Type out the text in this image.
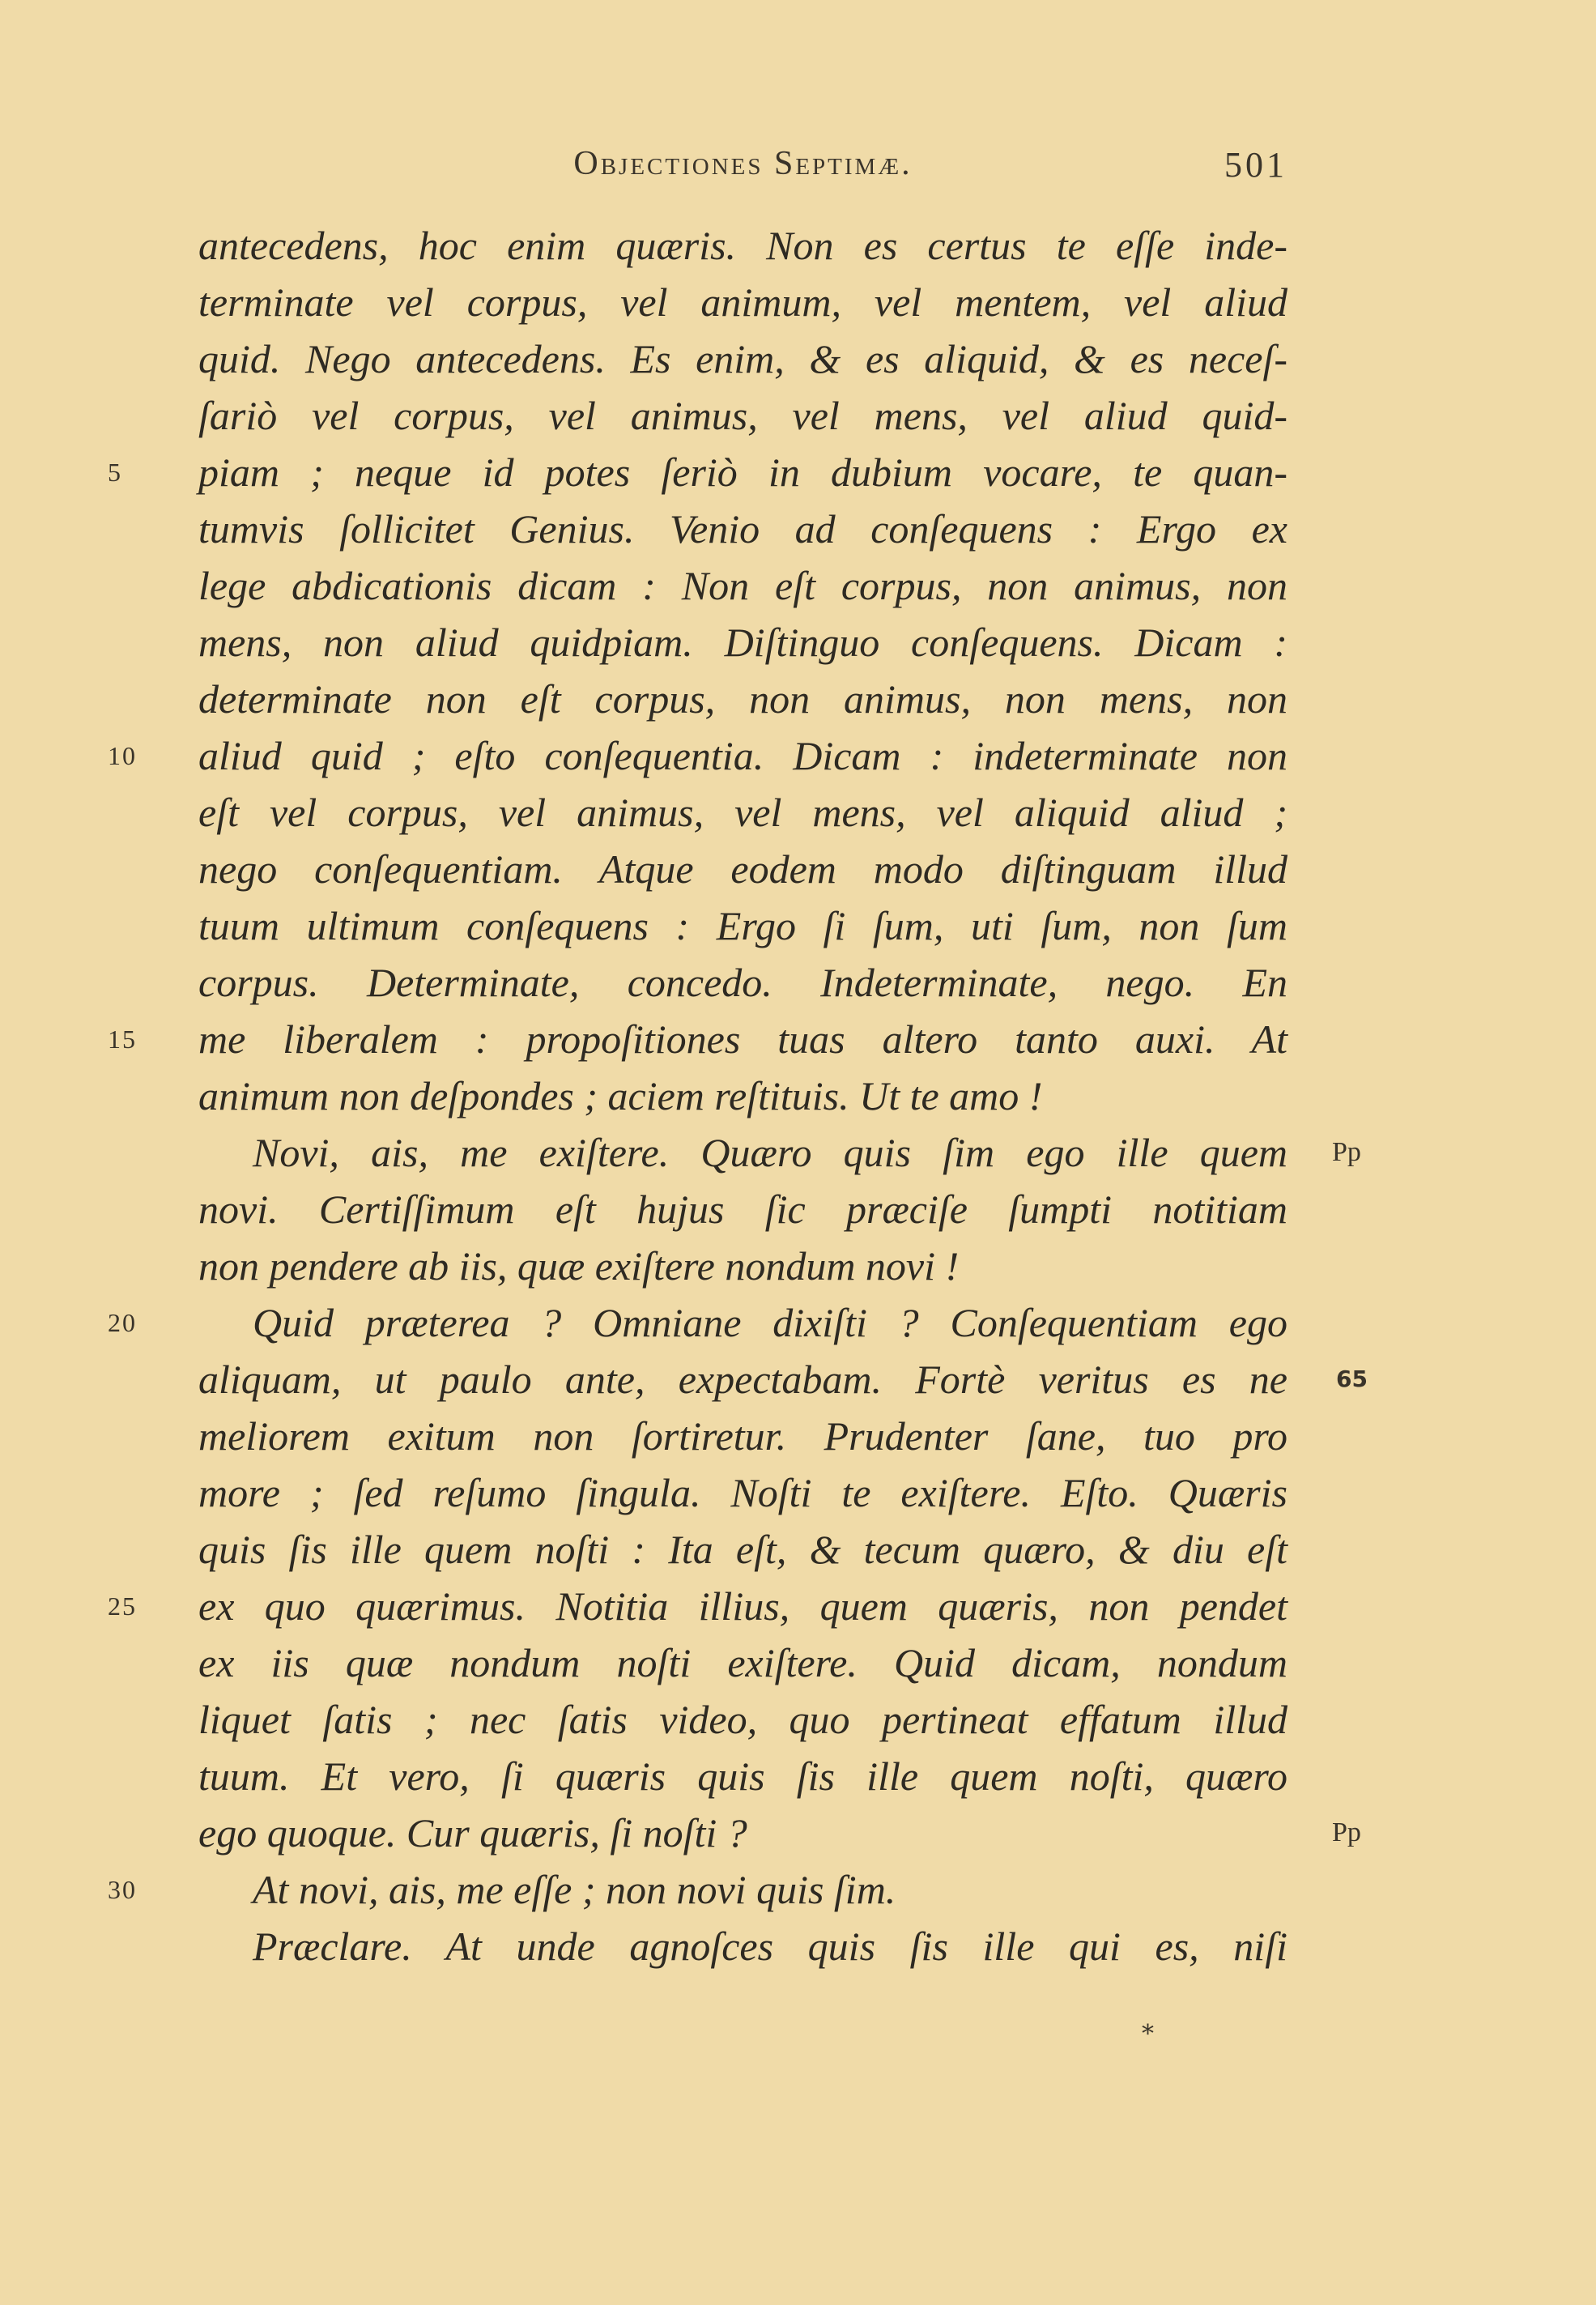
Objectiones Septimæ.	501
antecedens, hoc enim quæris. Non es certus te eſſe inde-
terminate vel corpus, vel animum, vel mentem, vel aliud
quid. Nego antecedens. Es enim, & es aliquid, & es neceſ-
ſariò vel corpus, vel animus, vel mens, vel aliud quid-
5	piam ; neque id potes ſeriò in dubium vocare, te quan-
tumvis ſollicitet Genius. Venio ad conſequens : Ergo ex
lege abdicationis dicam : Non eſt corpus, non animus, non
mens, non aliud quidpiam. Diſtinguo conſequens. Dicam :
determinate non eſt corpus, non animus, non mens, non
10	aliud quid ; eſto conſequentia. Dicam : indeterminate non
eſt vel corpus, vel animus, vel mens, vel aliquid aliud ;
nego conſequentiam. Atque eodem modo diſtinguam illud
tuum ultimum conſequens : Ergo ſi ſum, uti ſum, non ſum
corpus. Determinate, concedo. Indeterminate, nego. En
15	me liberalem : propoſitiones tuas altero tanto auxi. At
animum non deſpondes ; aciem reſtituis. Ut te amo !
Novi, ais, me exiſtere. Quæro quis ſim ego ille quem Pp
novi. Certiſſimum eſt hujus ſic præciſe ſumpti notitiam
non pendere ab iis, quæ exiſtere nondum novi !
20	Quid præterea ? Omniane dixiſti ? Conſequentiam ego
aliquam, ut paulo ante, expectabam. Fortè veritus es ne 65
meliorem exitum non ſortiretur. Prudenter ſane, tuo pro
more ; ſed reſumo ſingula. Noſti te exiſtere. Eſto. Quæris
quis ſis ille quem noſti : Ita eſt, & tecum quæro, & diu eſt
25	ex quo quærimus. Notitia illius, quem quæris, non pendet
ex iis quæ nondum noſti exiſtere. Quid dicam, nondum
liquet ſatis ; nec ſatis video, quo pertineat effatum illud
tuum. Et vero, ſi quæris quis ſis ille quem noſti, quæro
ego quoque. Cur quæris, ſi noſti ?	Pp
30	At novi, ais, me eſſe ; non novi quis ſim.
Præclare. At unde agnoſces quis ſis ille qui es, niſi
*
